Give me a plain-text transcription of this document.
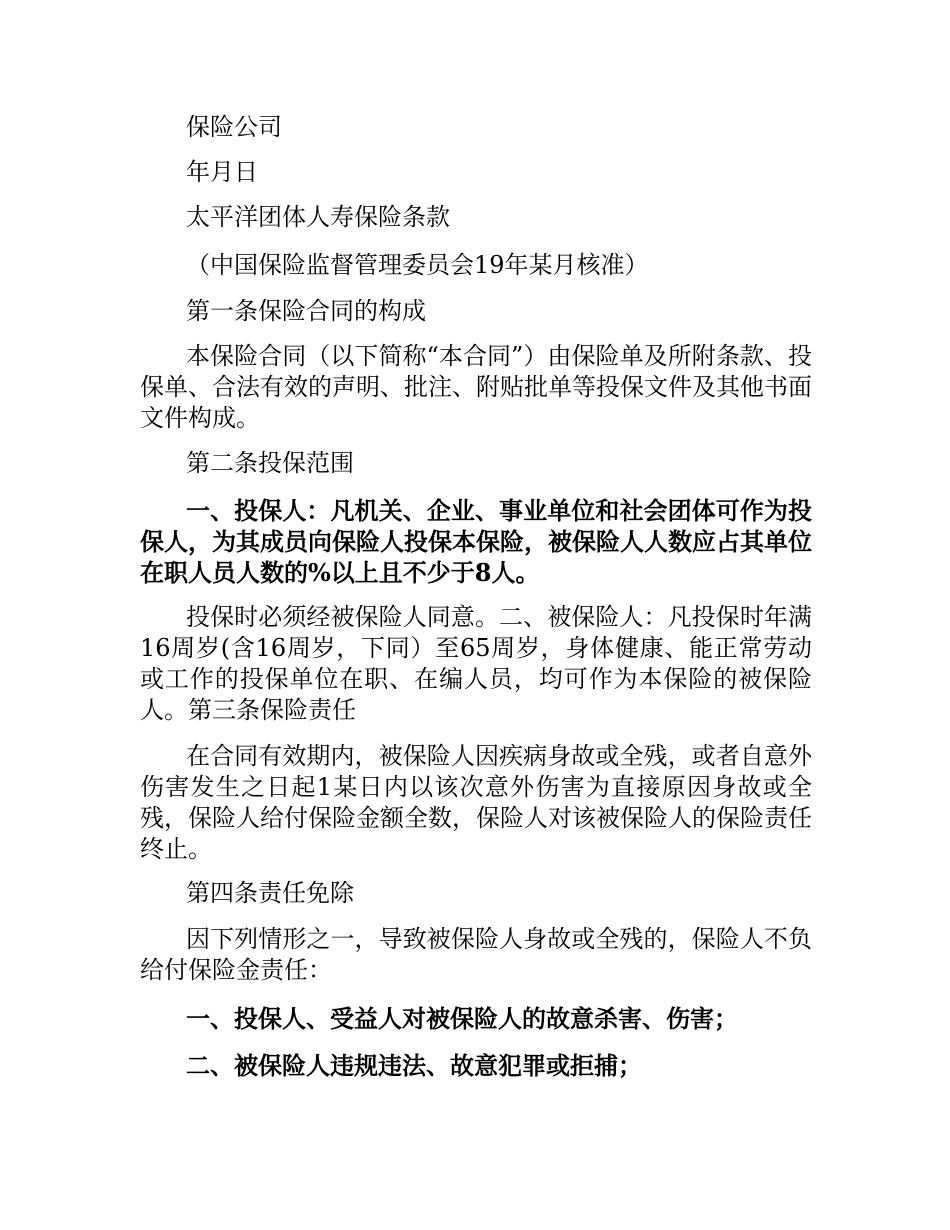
保险公司

年月日

太平洋团体人寿保险条款

（中国保险监督管理委员会19年某月核准）

第一条保险合同的构成

本保险合同（以下简称“本合同”）由保险单及所附条款、投保单、合法有效的声明、批注、附贴批单等投保文件及其他书面文件构成。

第二条投保范围

一、投保人：凡机关、企业、事业单位和社会团体可作为投保人，为其成员向保险人投保本保险，被保险人人数应占其单位在职人员人数的%以上且不少于8人。

投保时必须经被保险人同意。二、被保险人：凡投保时年满16周岁(含16周岁，下同）至65周岁，身体健康、能正常劳动或工作的投保单位在职、在编人员，均可作为本保险的被保险人。第三条保险责任

在合同有效期内，被保险人因疾病身故或全残，或者自意外伤害发生之日起1某日内以该次意外伤害为直接原因身故或全残，保险人给付保险金额全数，保险人对该被保险人的保险责任终止。

第四条责任免除

因下列情形之一，导致被保险人身故或全残的，保险人不负给付保险金责任：

一、投保人、受益人对被保险人的故意杀害、伤害；

二、被保险人违规违法、故意犯罪或拒捕；
